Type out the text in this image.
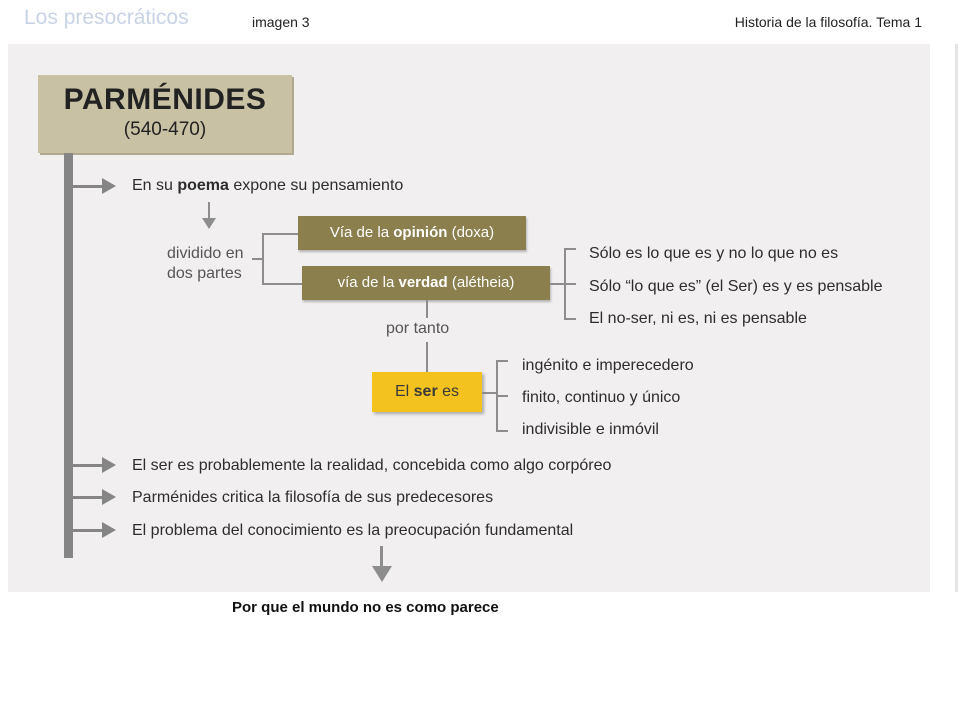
Los presocráticos	imagen 3	Historia de la filosofía. Tema 1
PARMÉNIDES
(540-470)
En su poema expone su pensamiento
dividido en
dos partes
Vía de la opinión (doxa)
vía de la verdad (alétheia)
Sólo es lo que es y no lo que no es
Sólo “lo que es” (el Ser) es y es pensable
El no-ser, ni es, ni es pensable
por tanto
El ser es
ingénito e imperecedero
finito, continuo y único
indivisible e inmóvil
El ser es probablemente la realidad, concebida como algo corpóreo
Parménides critica la filosofía de sus predecesores
El problema del conocimiento es la preocupación fundamental
Por que el mundo no es como parece
